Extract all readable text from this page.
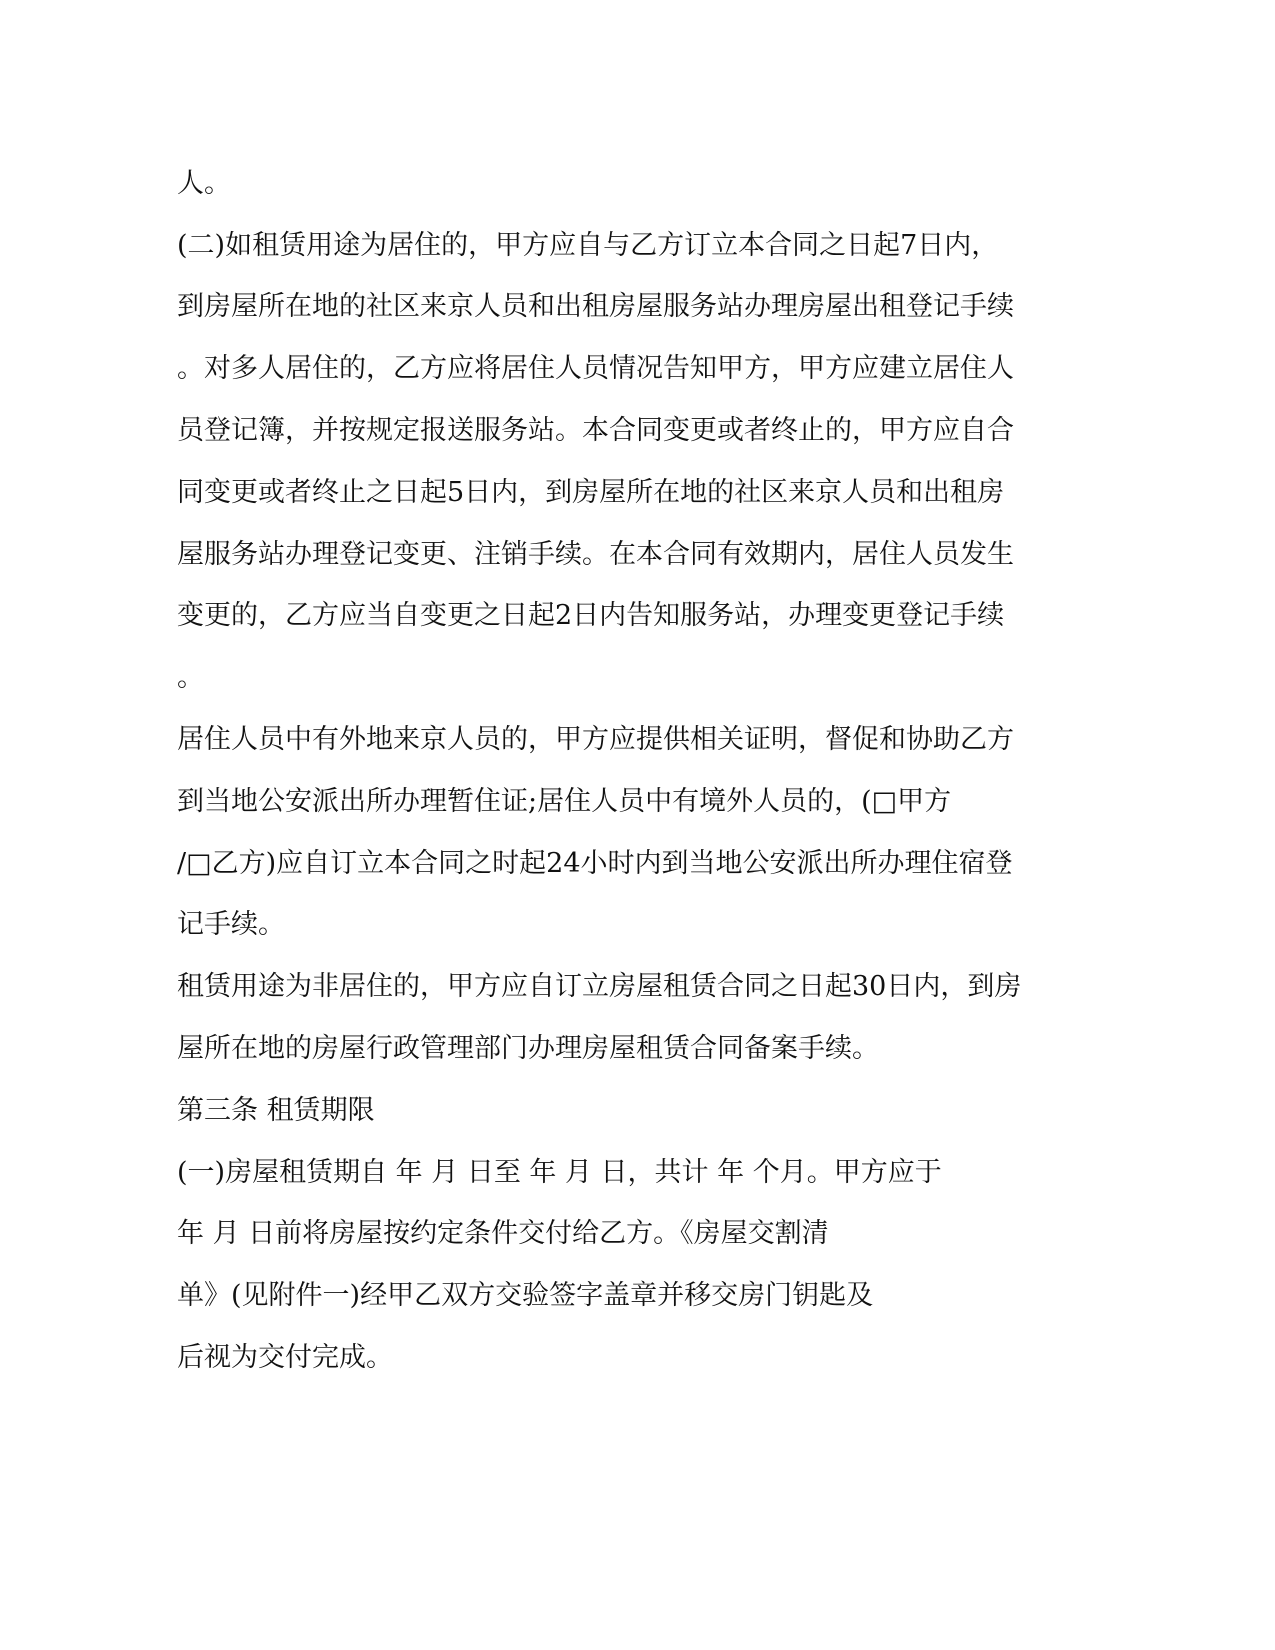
人。
(二)如租赁用途为居住的，甲方应自与乙方订立本合同之日起7日内，
到房屋所在地的社区来京人员和出租房屋服务站办理房屋出租登记手续
。对多人居住的，乙方应将居住人员情况告知甲方，甲方应建立居住人
员登记簿，并按规定报送服务站。本合同变更或者终止的，甲方应自合
同变更或者终止之日起5日内，到房屋所在地的社区来京人员和出租房
屋服务站办理登记变更、注销手续。在本合同有效期内，居住人员发生
变更的，乙方应当自变更之日起2日内告知服务站，办理变更登记手续
。
居住人员中有外地来京人员的，甲方应提供相关证明，督促和协助乙方
到当地公安派出所办理暂住证;居住人员中有境外人员的，(□甲方
/□乙方)应自订立本合同之时起24小时内到当地公安派出所办理住宿登
记手续。
租赁用途为非居住的，甲方应自订立房屋租赁合同之日起30日内，到房
屋所在地的房屋行政管理部门办理房屋租赁合同备案手续。
第三条 租赁期限
(一)房屋租赁期自 年 月 日至 年 月 日，共计 年 个月。甲方应于
年 月 日前将房屋按约定条件交付给乙方。《房屋交割清
单》(见附件一)经甲乙双方交验签字盖章并移交房门钥匙及
后视为交付完成。
